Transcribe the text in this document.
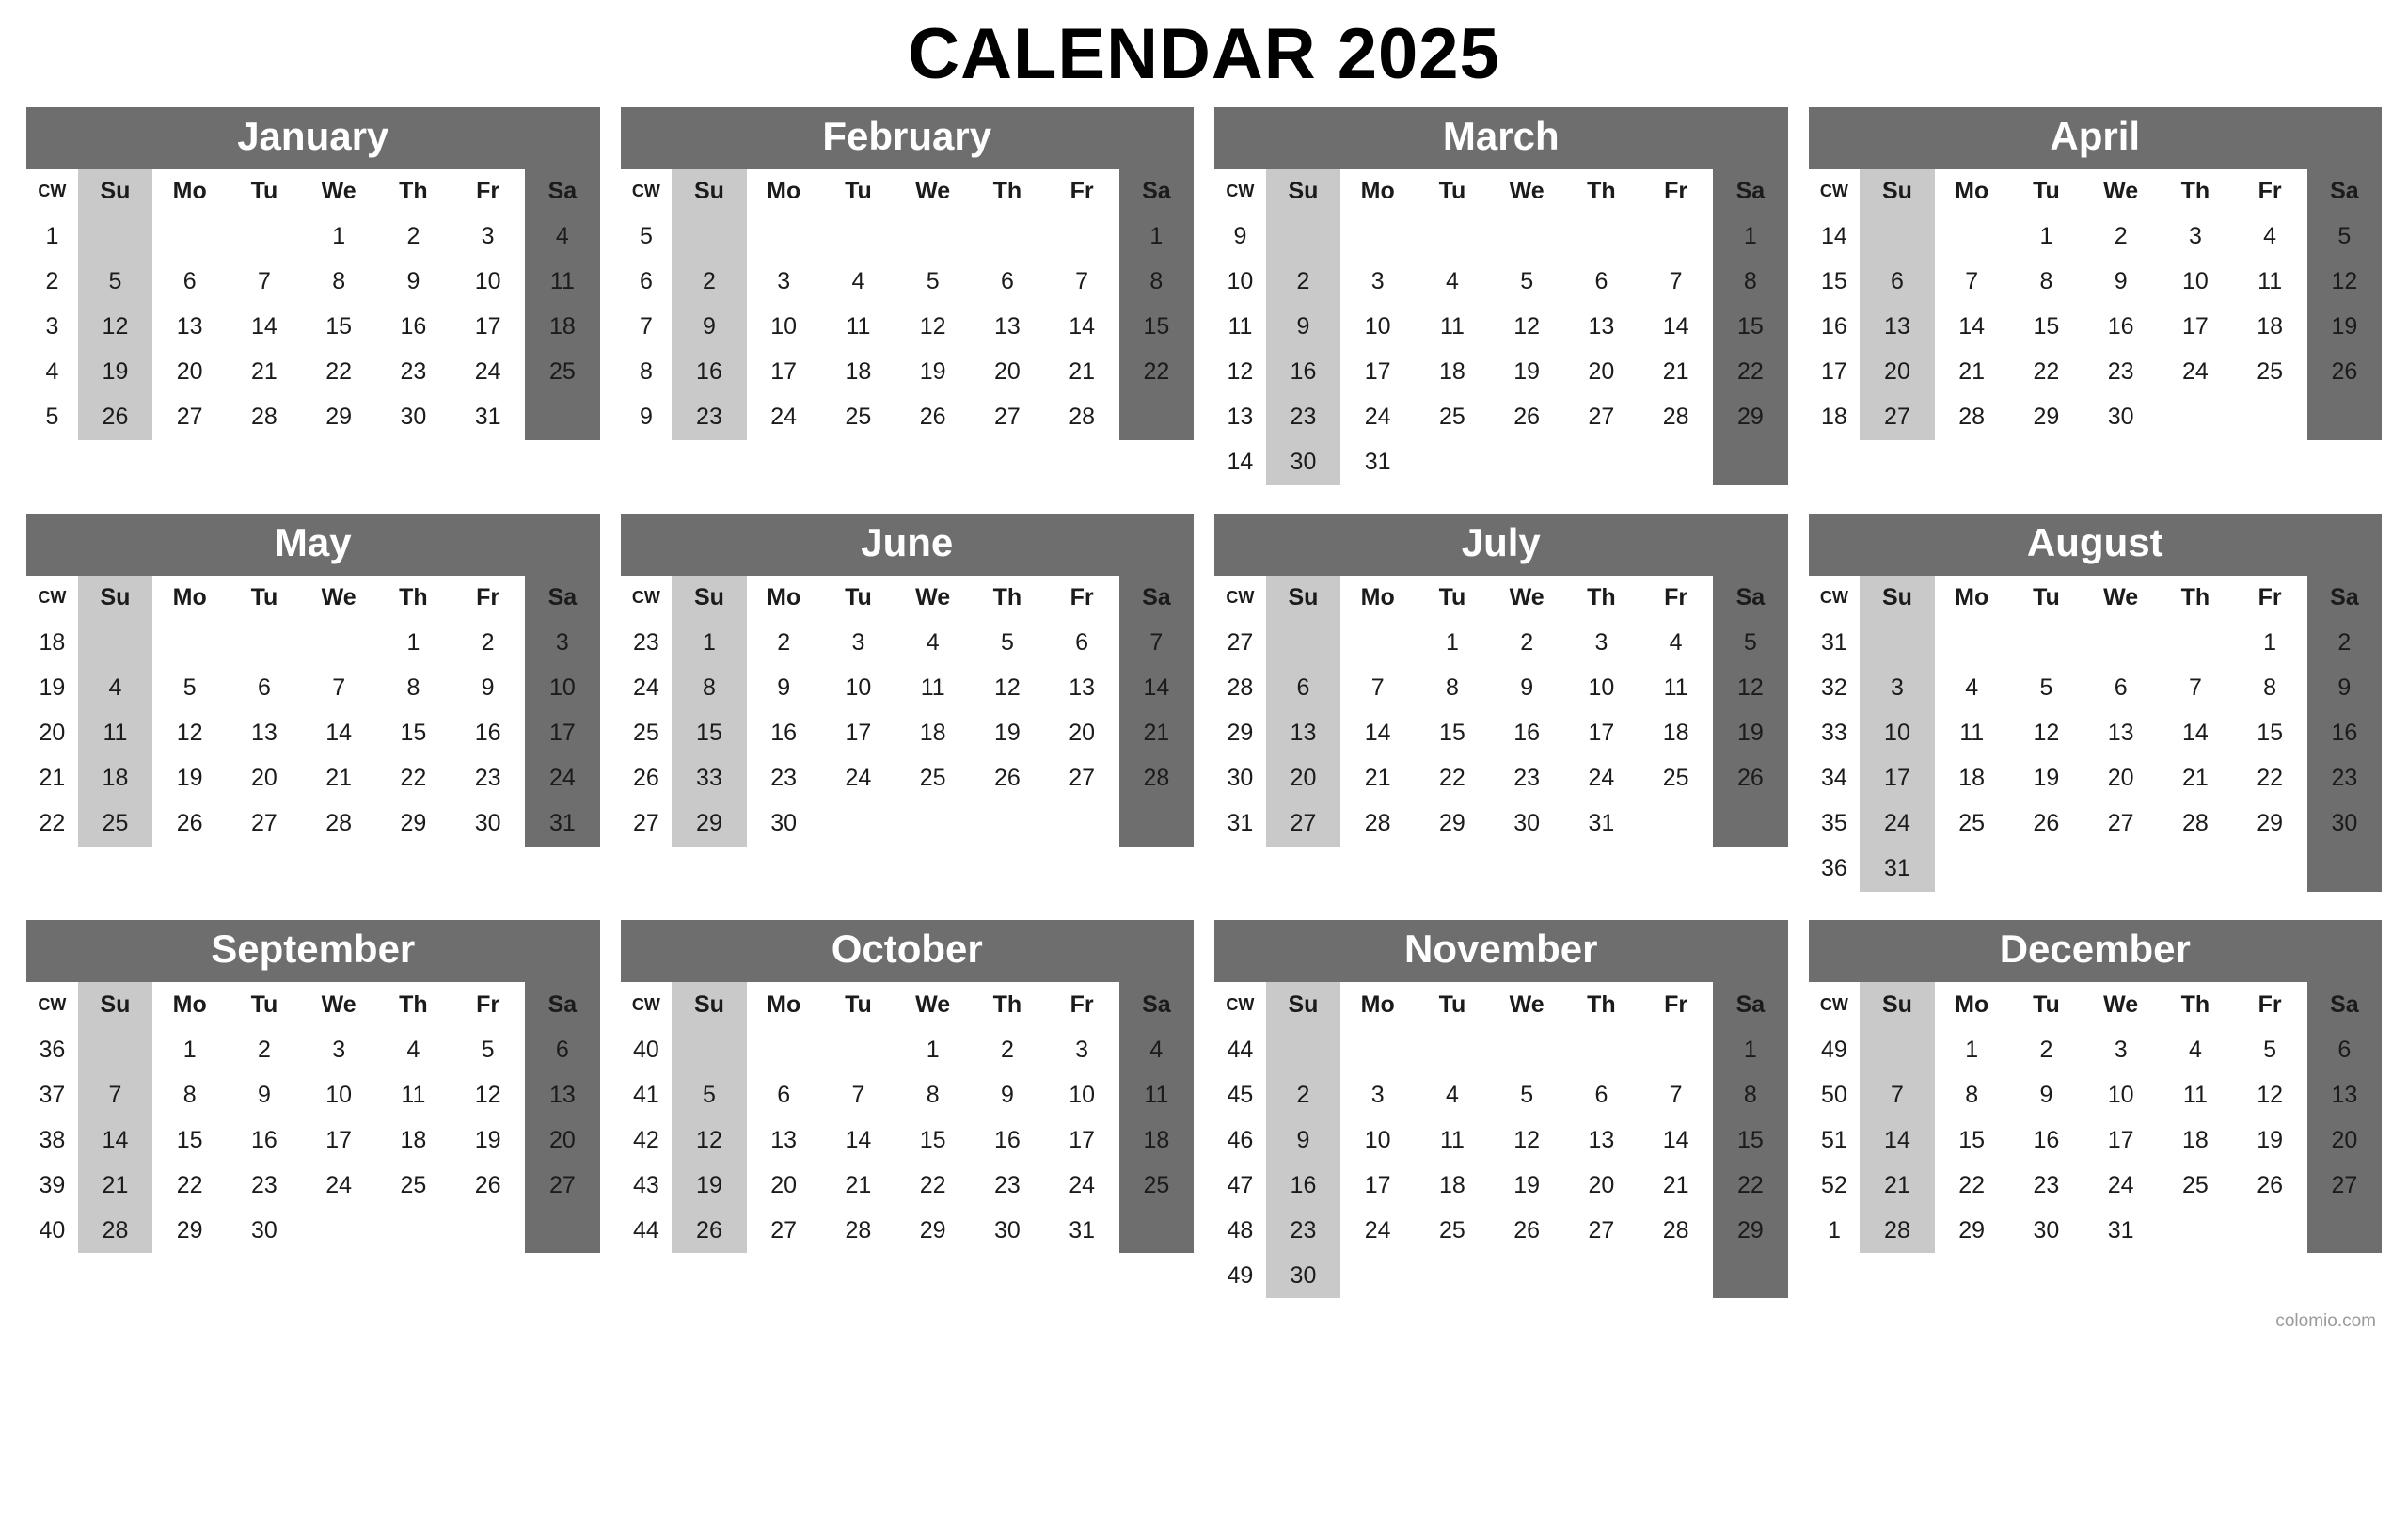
CALENDAR 2025
January
CW	Su	Mo	Tu	We	Th	Fr	Sa
1				1	2	3	4
2	5	6	7	8	9	10	11
3	12	13	14	15	16	17	18
4	19	20	21	22	23	24	25
5	26	27	28	29	30	31	
February
CW	Su	Mo	Tu	We	Th	Fr	Sa
5							1
6	2	3	4	5	6	7	8
7	9	10	11	12	13	14	15
8	16	17	18	19	20	21	22
9	23	24	25	26	27	28	
March
CW	Su	Mo	Tu	We	Th	Fr	Sa
9							1
10	2	3	4	5	6	7	8
11	9	10	11	12	13	14	15
12	16	17	18	19	20	21	22
13	23	24	25	26	27	28	29
14	30	31					
April
CW	Su	Mo	Tu	We	Th	Fr	Sa
14			1	2	3	4	5
15	6	7	8	9	10	11	12
16	13	14	15	16	17	18	19
17	20	21	22	23	24	25	26
18	27	28	29	30			
May
CW	Su	Mo	Tu	We	Th	Fr	Sa
18					1	2	3
19	4	5	6	7	8	9	10
20	11	12	13	14	15	16	17
21	18	19	20	21	22	23	24
22	25	26	27	28	29	30	31
June
CW	Su	Mo	Tu	We	Th	Fr	Sa
23	1	2	3	4	5	6	7
24	8	9	10	11	12	13	14
25	15	16	17	18	19	20	21
26	33	23	24	25	26	27	28
27	29	30					
July
CW	Su	Mo	Tu	We	Th	Fr	Sa
27			1	2	3	4	5
28	6	7	8	9	10	11	12
29	13	14	15	16	17	18	19
30	20	21	22	23	24	25	26
31	27	28	29	30	31		
August
CW	Su	Mo	Tu	We	Th	Fr	Sa
31						1	2
32	3	4	5	6	7	8	9
33	10	11	12	13	14	15	16
34	17	18	19	20	21	22	23
35	24	25	26	27	28	29	30
36	31						
September
CW	Su	Mo	Tu	We	Th	Fr	Sa
36		1	2	3	4	5	6
37	7	8	9	10	11	12	13
38	14	15	16	17	18	19	20
39	21	22	23	24	25	26	27
40	28	29	30				
October
CW	Su	Mo	Tu	We	Th	Fr	Sa
40				1	2	3	4
41	5	6	7	8	9	10	11
42	12	13	14	15	16	17	18
43	19	20	21	22	23	24	25
44	26	27	28	29	30	31	
November
CW	Su	Mo	Tu	We	Th	Fr	Sa
44							1
45	2	3	4	5	6	7	8
46	9	10	11	12	13	14	15
47	16	17	18	19	20	21	22
48	23	24	25	26	27	28	29
49	30						
December
CW	Su	Mo	Tu	We	Th	Fr	Sa
49		1	2	3	4	5	6
50	7	8	9	10	11	12	13
51	14	15	16	17	18	19	20
52	21	22	23	24	25	26	27
1	28	29	30	31			
colomio.com
